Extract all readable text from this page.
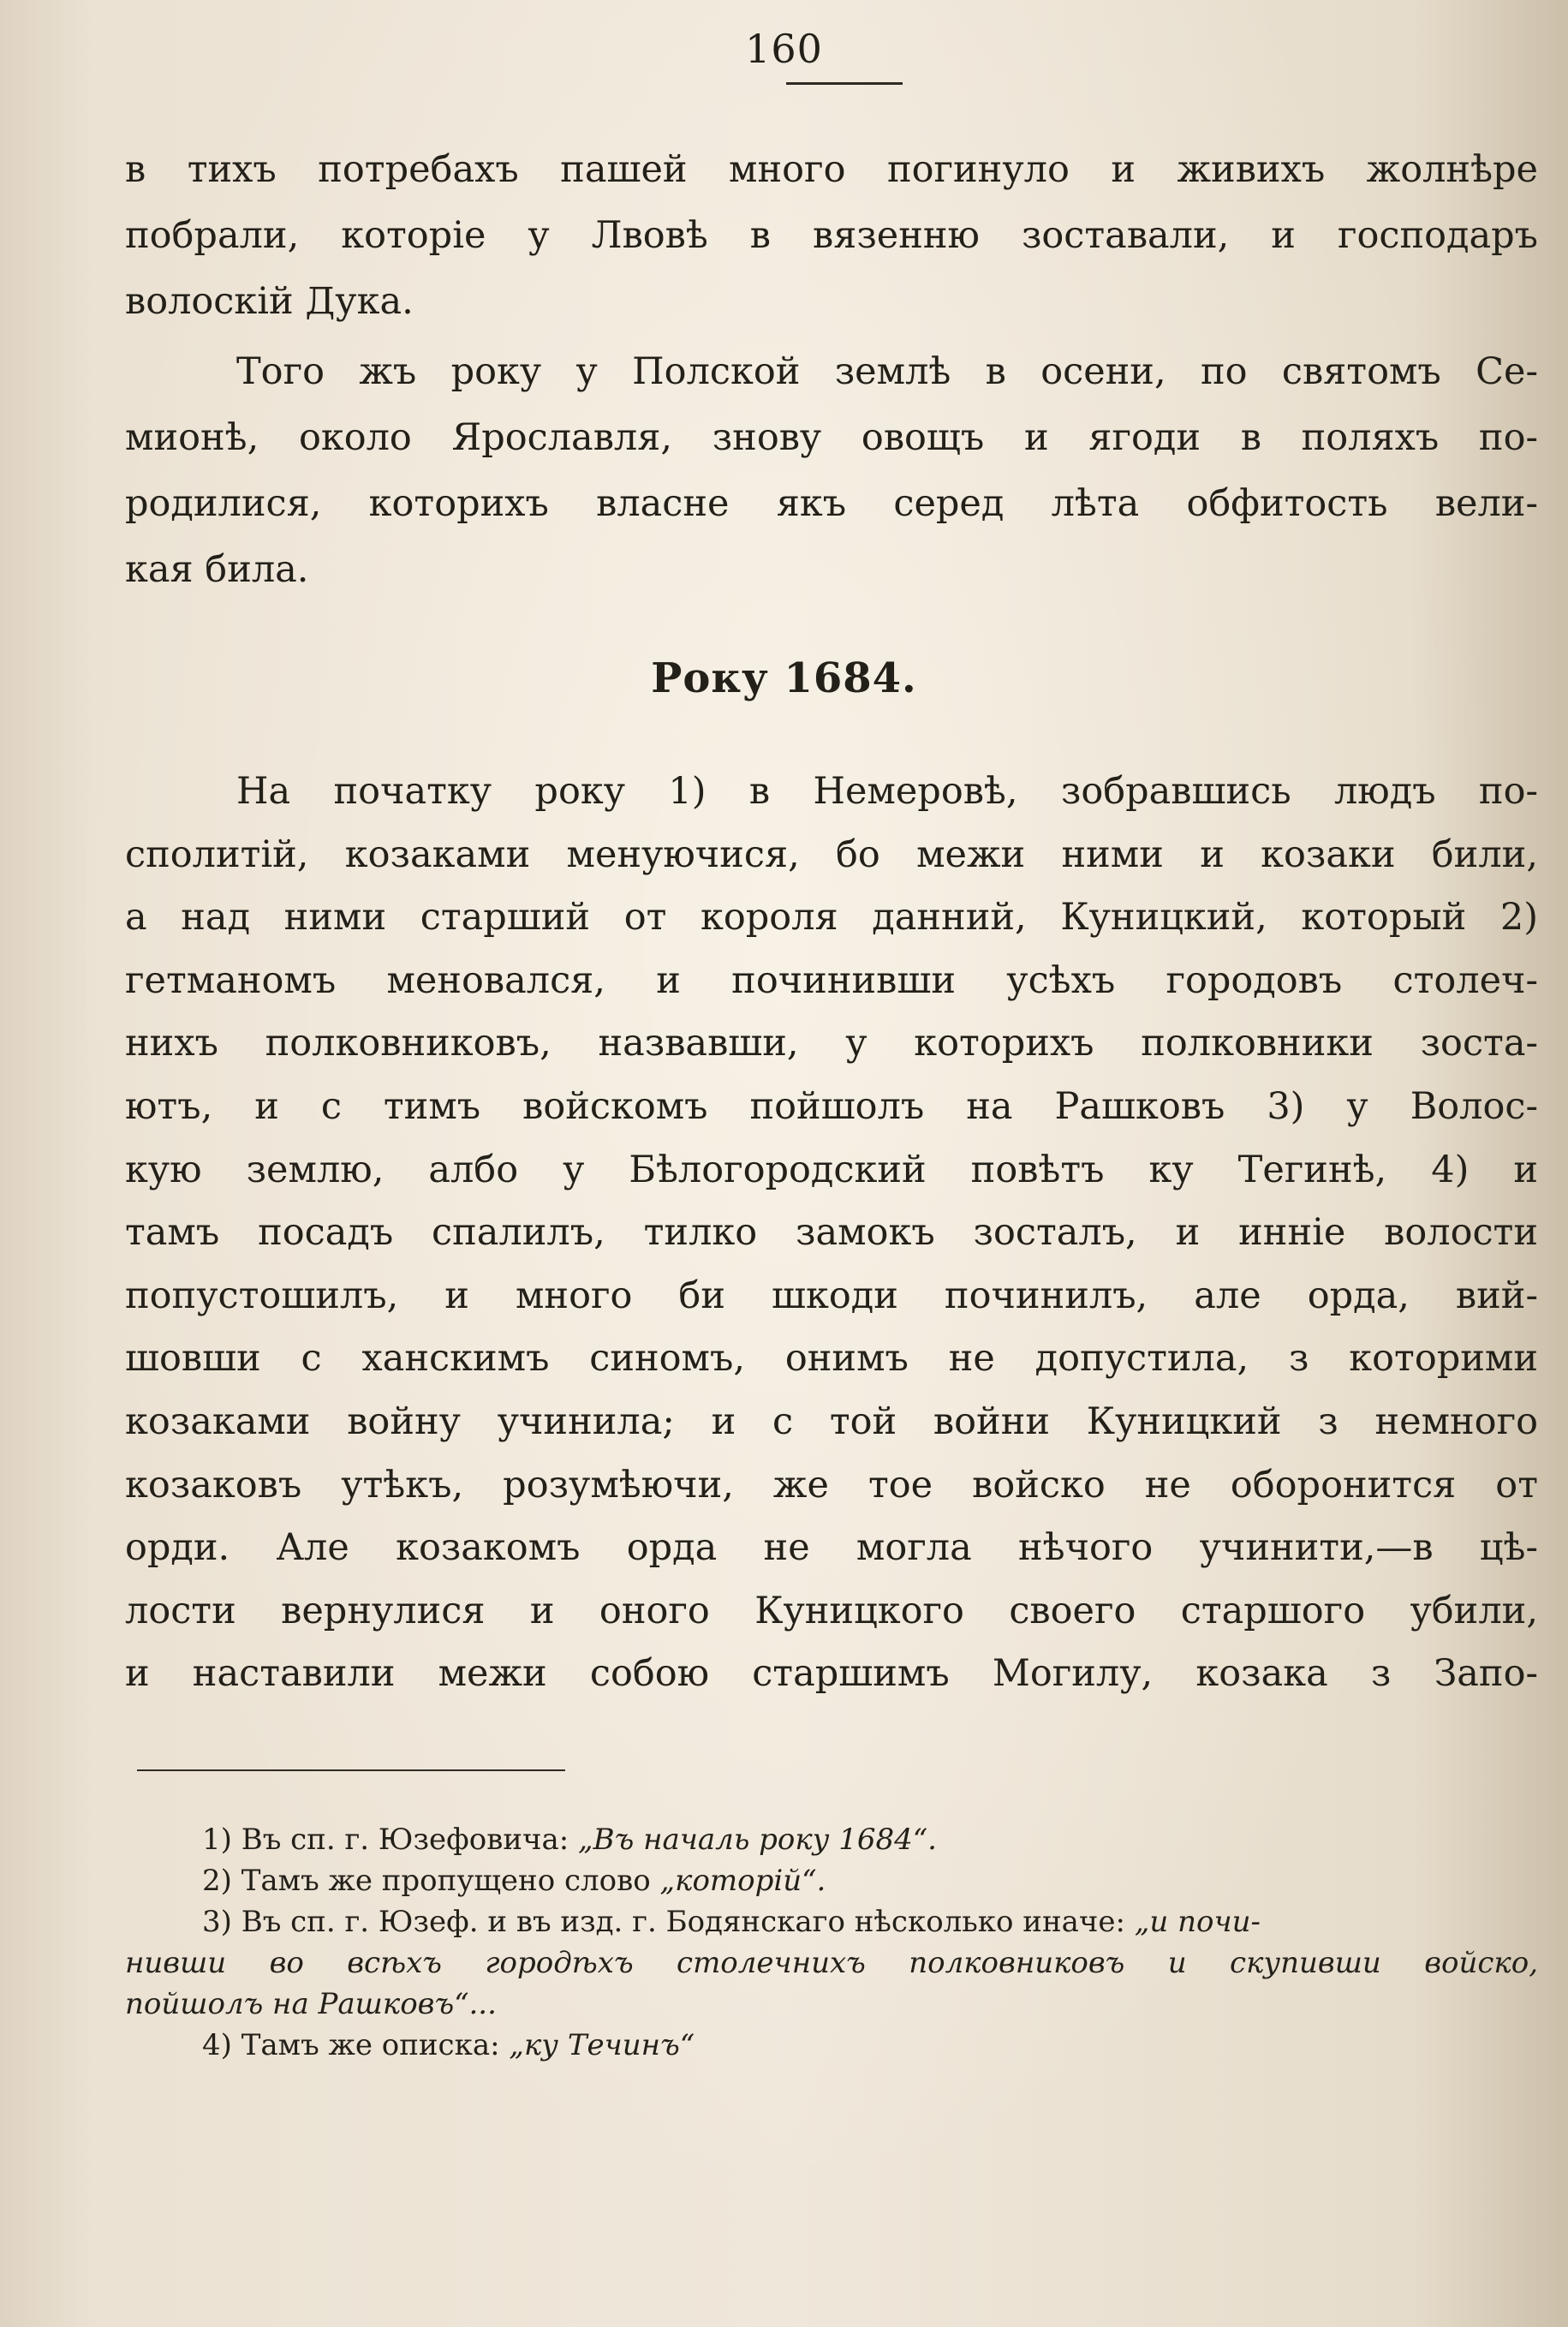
160
в тихъ потребахъ пашей много погинуло и живихъ жолнѣре
побрали, которіе у Лвовѣ в вязенню зоставали, и господаръ
волоскій Дука.
Того жъ року у Полской землѣ в осени, по святомъ Се-
мионѣ, около Ярославля, знову овощъ и ягоди в поляхъ по-
родилися, которихъ власне якъ серед лѣта обфитость вели-
кая била.
Року 1684.
На початку року 1) в Немеровѣ, зобравшись людъ по-
сполитій, козаками менуючися, бо межи ними и козаки били,
а над ними старший от короля данний, Куницкий, который 2)
гетманомъ меновался, и починивши усѣхъ городовъ столеч-
нихъ полковниковъ, назвавши, у которихъ полковники зоста-
ютъ, и с тимъ войскомъ пойшолъ на Рашковъ 3) у Волос-
кую землю, албо у Бѣлогородский повѣтъ ку Тегинѣ, 4) и
тамъ посадъ спалилъ, тилко замокъ зосталъ, и инніе волости
попустошилъ, и много би шкоди починилъ, але орда, вий-
шовши с ханскимъ синомъ, онимъ не допустила, з которими
козаками войну учинила; и с той войни Куницкий з немного
козаковъ утѣкъ, розумѣючи, же тое войско не оборонится от
орди. Але козакомъ орда не могла нѣчого учинити,—в цѣ-
лости вернулися и оного Куницкого своего старшого убили,
и наставили межи собою старшимъ Могилу, козака з Запо-
1) Въ сп. г. Юзефовича: „Въ началь року 1684“.
2) Тамъ же пропущено слово „которій“.
3) Въ сп. г. Юзеф. и въ изд. г. Бодянскаго нѣсколько иначе: „и почи-
нивши во всѣхъ городѣхъ столечнихъ полковниковъ и скупивши войско,
пойшолъ на Рашковъ“...
4) Тамъ же описка: „ку Течинъ“
